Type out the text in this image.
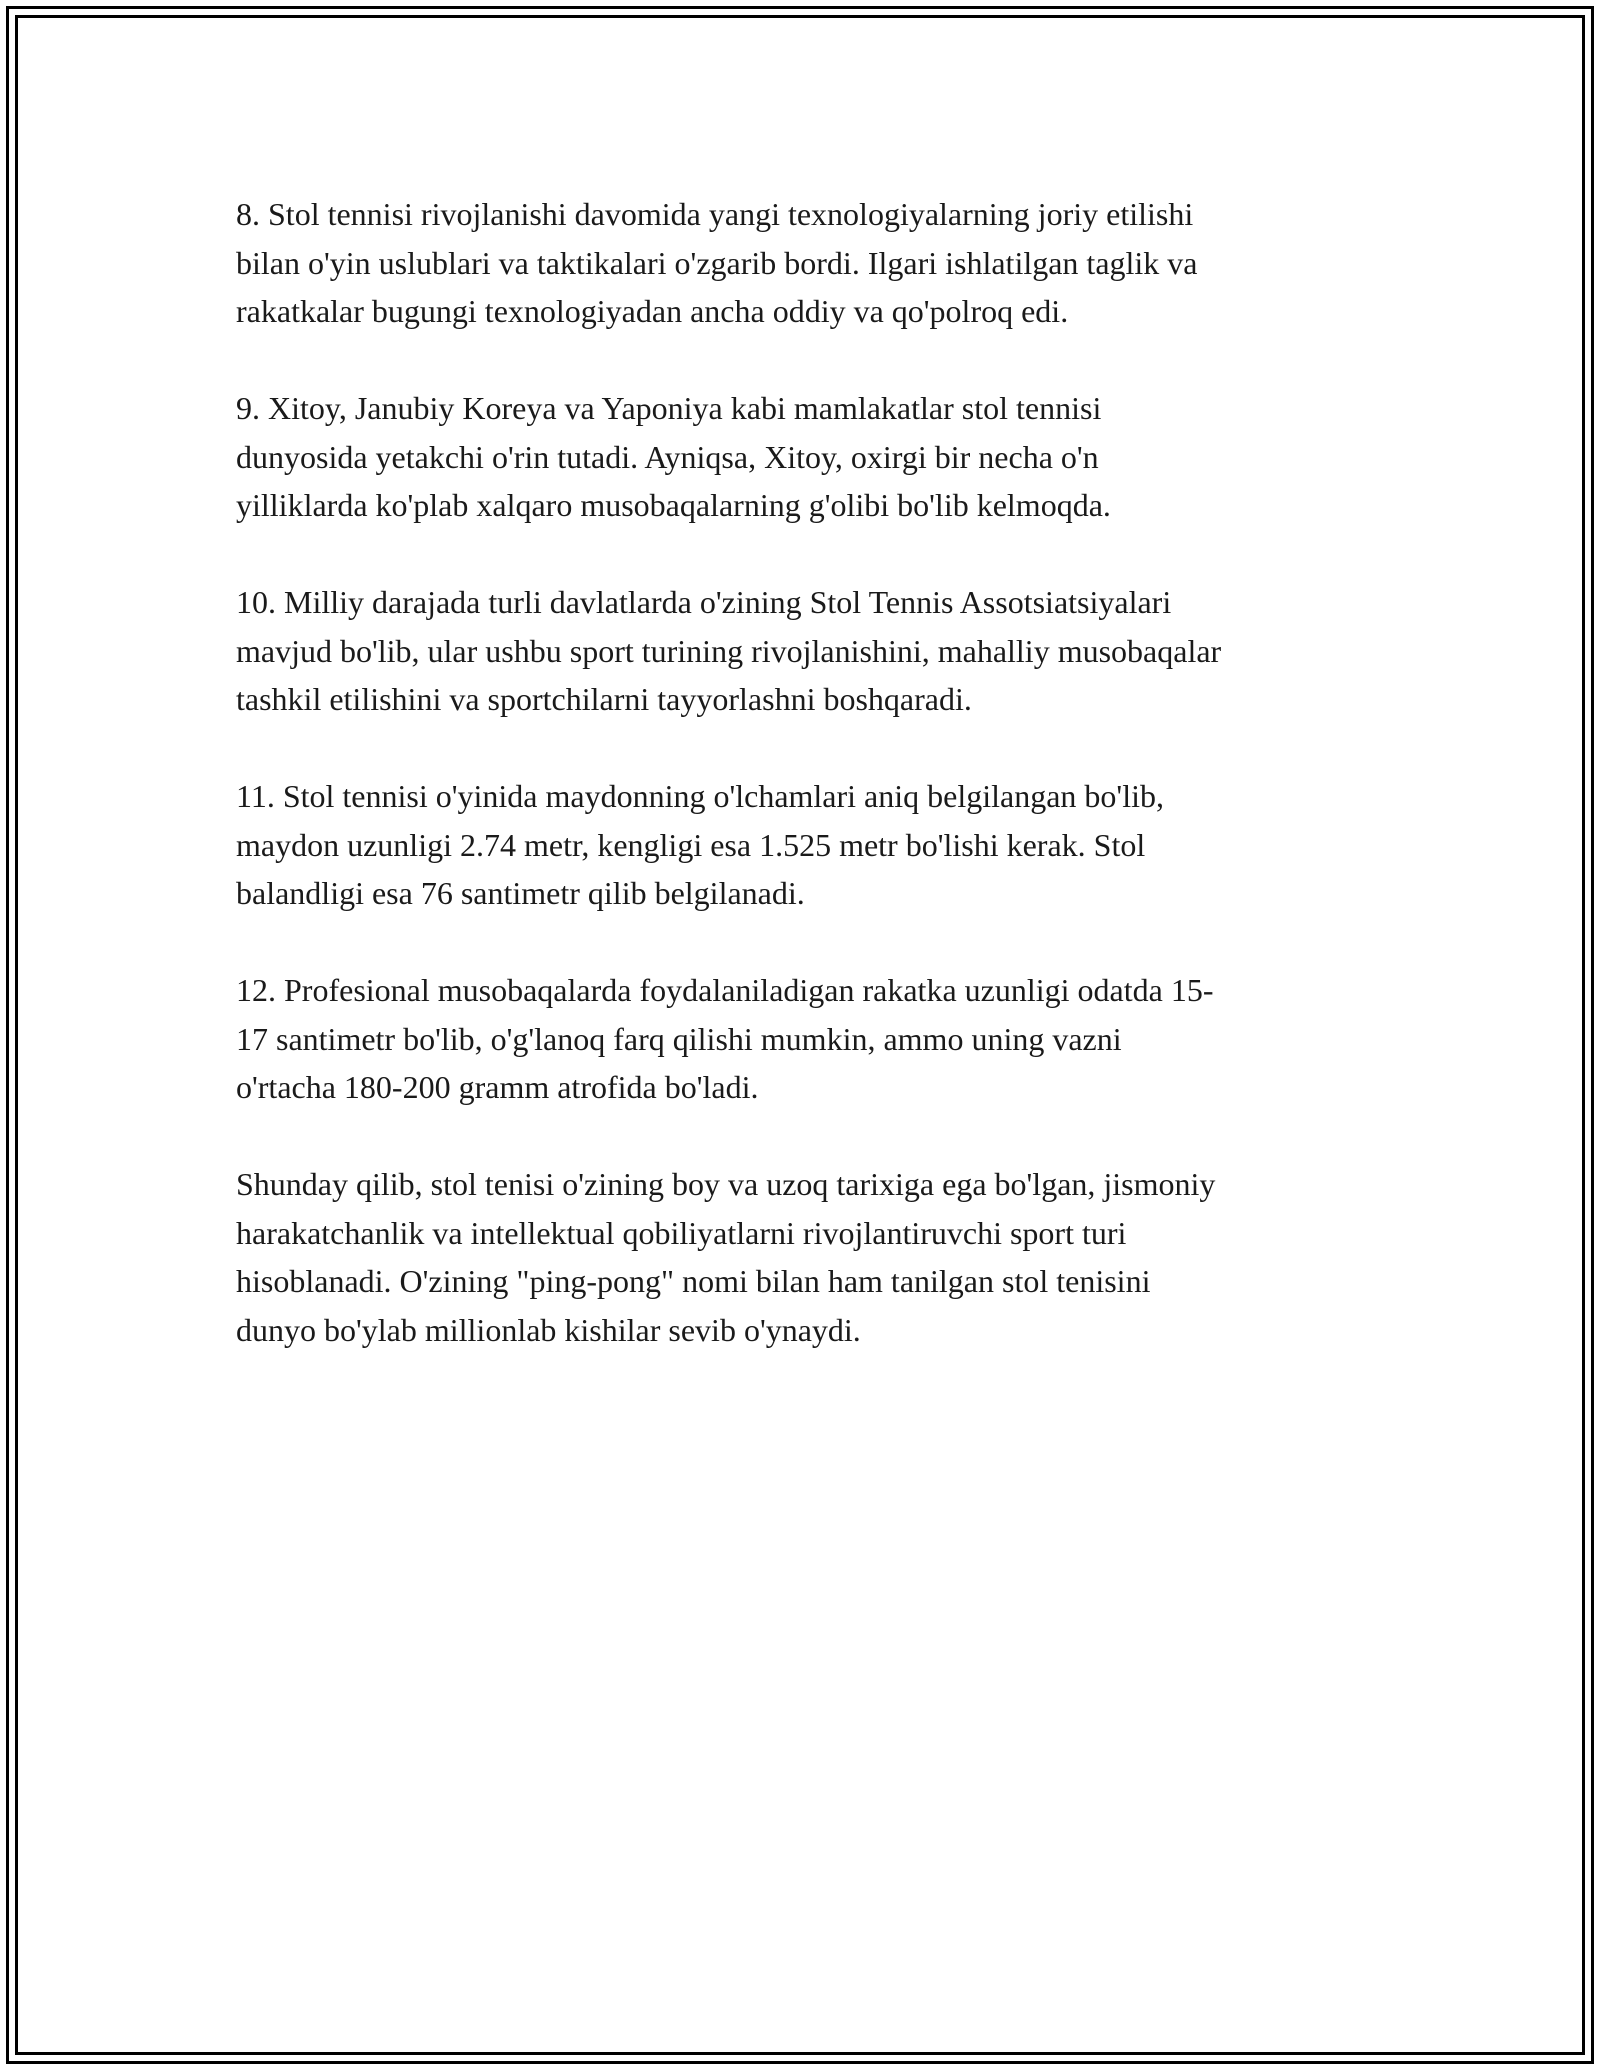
8. Stol tennisi rivojlanishi davomida yangi texnologiyalarning joriy etilishi
bilan o'yin uslublari va taktikalari o'zgarib bordi. Ilgari ishlatilgan taglik va
rakatkalar bugungi texnologiyadan ancha oddiy va qo'polroq edi.

9. Xitoy, Janubiy Koreya va Yaponiya kabi mamlakatlar stol tennisi
dunyosida yetakchi o'rin tutadi. Ayniqsa, Xitoy, oxirgi bir necha o'n
yilliklarda ko'plab xalqaro musobaqalarning g'olibi bo'lib kelmoqda.

10. Milliy darajada turli davlatlarda o'zining Stol Tennis Assotsiatsiyalari
mavjud bo'lib, ular ushbu sport turining rivojlanishini, mahalliy musobaqalar
tashkil etilishini va sportchilarni tayyorlashni boshqaradi.

11. Stol tennisi o'yinida maydonning o'lchamlari aniq belgilangan bo'lib,
maydon uzunligi 2.74 metr, kengligi esa 1.525 metr bo'lishi kerak. Stol
balandligi esa 76 santimetr qilib belgilanadi.

12. Profesional musobaqalarda foydalaniladigan rakatka uzunligi odatda 15-
17 santimetr bo'lib, o'g'lanoq farq qilishi mumkin, ammo uning vazni
o'rtacha 180-200 gramm atrofida bo'ladi.

Shunday qilib, stol tenisi o'zining boy va uzoq tarixiga ega bo'lgan, jismoniy
harakatchanlik va intellektual qobiliyatlarni rivojlantiruvchi sport turi
hisoblanadi. O'zining "ping-pong" nomi bilan ham tanilgan stol tenisini
dunyo bo'ylab millionlab kishilar sevib o'ynaydi.
